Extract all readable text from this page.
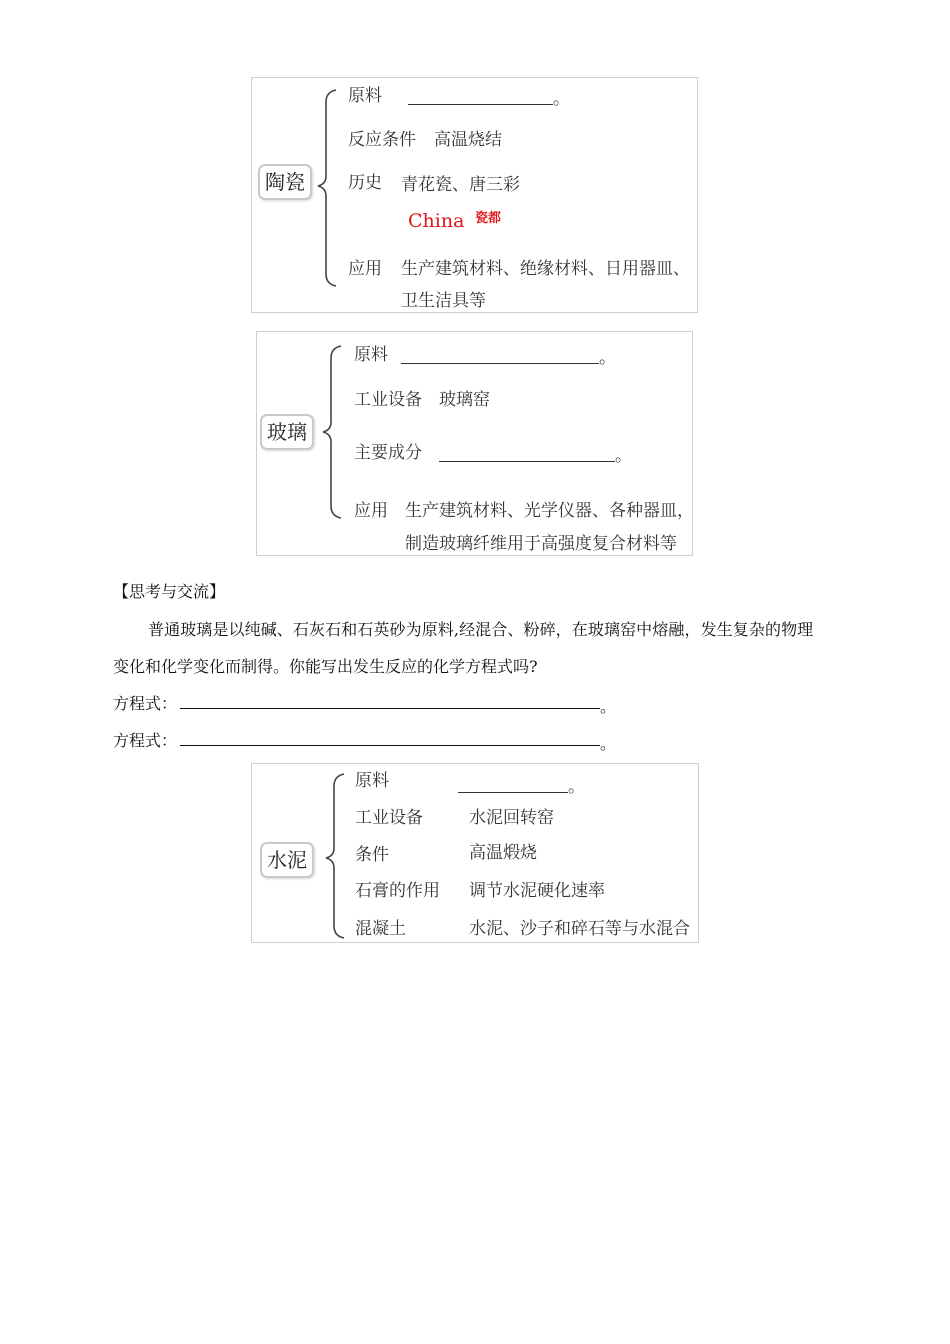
陶瓷
原料	。
反应条件 高温烧结
历史 青花瓷、唐三彩
China 瓷都
应用 生产建筑材料、绝缘材料、日用器皿、
卫生洁具等
玻璃
原料	。
工业设备 玻璃窑
主要成分	。
应用 生产建筑材料、光学仪器、各种器皿，
制造玻璃纤维用于高强度复合材料等
【思考与交流】
普通玻璃是以纯碱、石灰石和石英砂为原料,经混合、粉碎，在玻璃窑中熔融，发生复杂的物理
变化和化学变化而制得。你能写出发生反应的化学方程式吗?
方程式：	。
方程式：	。
水泥
原料	。
工业设备	水泥回转窑
条件	高温煅烧
石膏的作用 调节水泥硬化速率
混凝土	水泥、沙子和碎石等与水混合
